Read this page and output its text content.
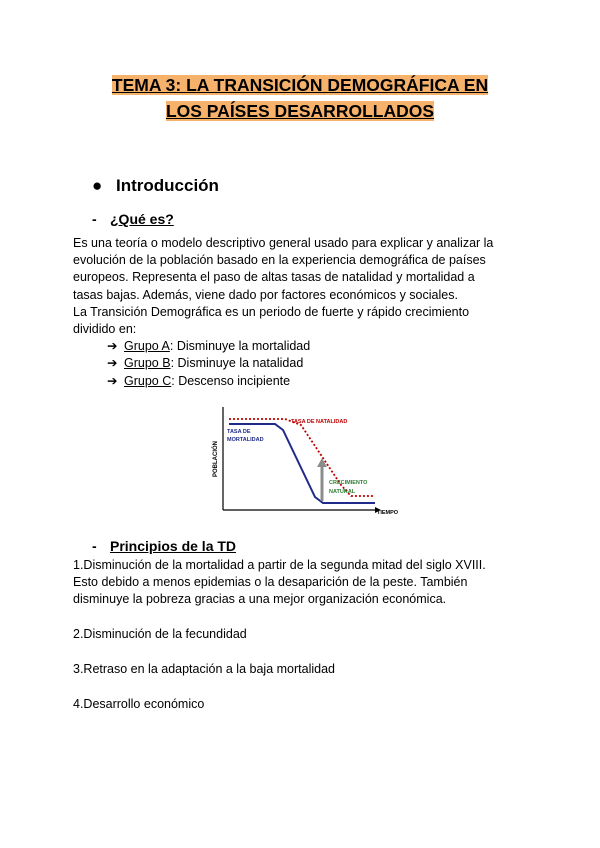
TEMA 3: LA TRANSICIÓN DEMOGRÁFICA EN
LOS PAÍSES DESARROLLADOS
● Introducción
- ¿Qué es?
Es una teoría o modelo descriptivo general usado para explicar y analizar la
evolución de la población basado en la experiencia demográfica de países
europeos. Representa el paso de altas tasas de natalidad y mortalidad a
tasas bajas. Además, viene dado por factores económicos y sociales.
La Transición Demográfica es un periodo de fuerte y rápido crecimiento
dividido en:
➔ Grupo A: Disminuye la mortalidad
➔ Grupo B: Disminuye la natalidad
➔ Grupo C: Descenso incipiente
POBLACIÓN
TIEMPO
TASA DE NATALIDAD
TASA DE
MORTALIDAD
CRECIMIENTO
NATURAL
- Principios de la TD
1.Disminución de la mortalidad a partir de la segunda mitad del siglo XVIII.
Esto debido a menos epidemias o la desaparición de la peste. También
disminuye la pobreza gracias a una mejor organización económica.
2.Disminución de la fecundidad
3.Retraso en la adaptación a la baja mortalidad
4.Desarrollo económico
